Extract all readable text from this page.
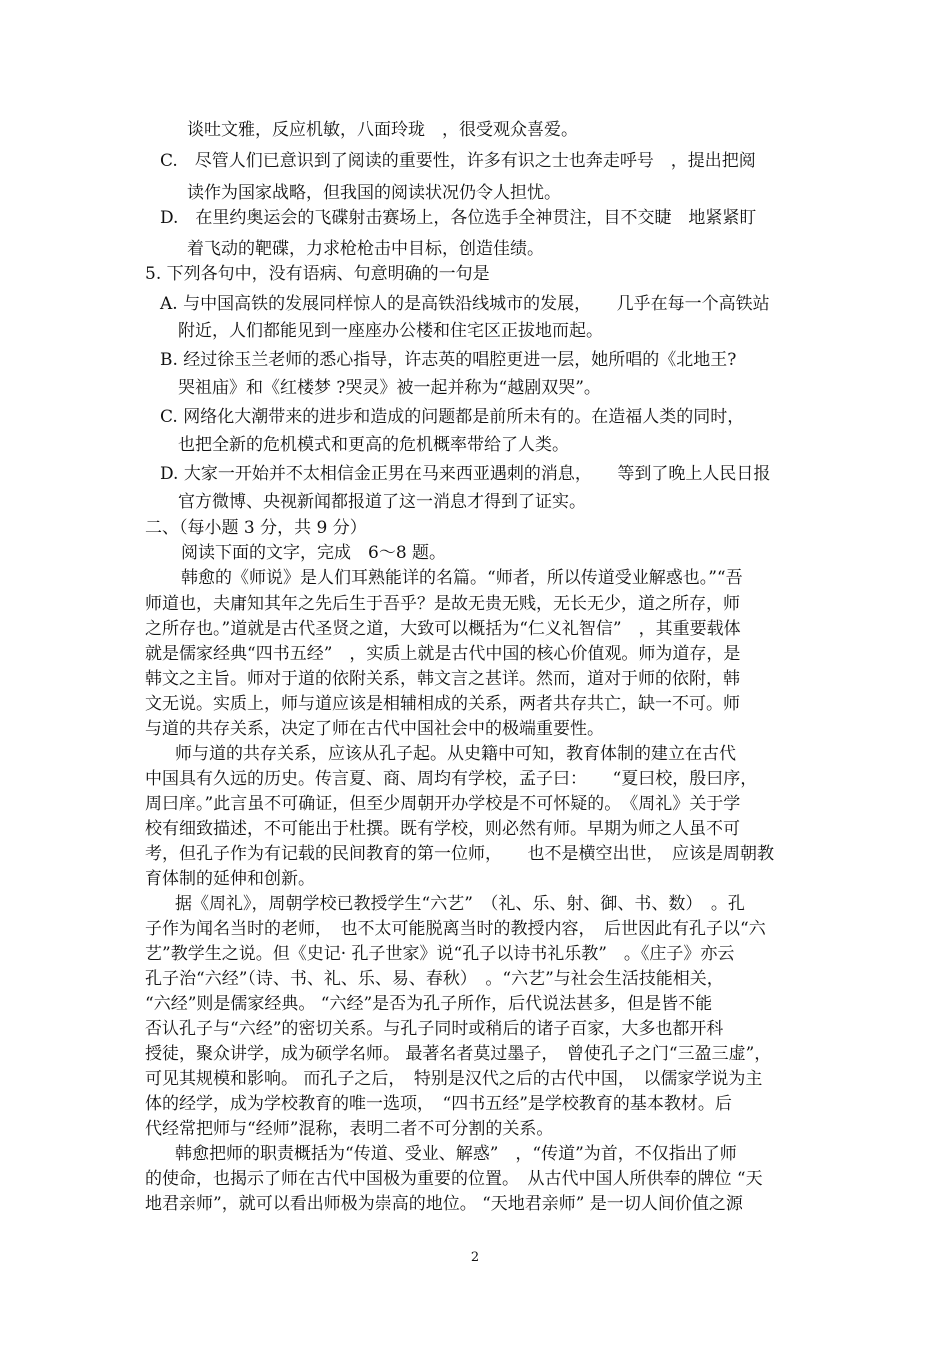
谈吐文雅，反应机敏，八面玲珑　，很受观众喜爱。
C.　尽管人们已意识到了阅读的重要性，许多有识之士也奔走呼号　，提出把阅
读作为国家战略，但我国的阅读状况仍令人担忧。
D.　在里约奥运会的飞碟射击赛场上，各位选手全神贯注，目不交睫　地紧紧盯
着飞动的靶碟，力求枪枪击中目标，创造佳绩。
5. 下列各句中，没有语病、句意明确的一句是
A. 与中国高铁的发展同样惊人的是高铁沿线城市的发展，　　几乎在每一个高铁站
附近，人们都能见到一座座办公楼和住宅区正拔地而起。
B. 经过徐玉兰老师的悉心指导，许志英的唱腔更进一层，她所唱的《北地王?
哭祖庙》和《红楼梦 ?哭灵》被一起并称为“越剧双哭”。
C. 网络化大潮带来的进步和造成的问题都是前所未有的。在造福人类的同时，
也把全新的危机模式和更高的危机概率带给了人类。
D. 大家一开始并不太相信金正男在马来西亚遇刺的消息，　　等到了晚上人民日报
官方微博、央视新闻都报道了这一消息才得到了证实。
二、（每小题 3 分，共 9 分）
阅读下面的文字，完成　6～8 题。
韩愈的《师说》是人们耳熟能详的名篇。“师者，所以传道受业解惑也。”“吾
师道也，夫庸知其年之先后生于吾乎？是故无贵无贱，无长无少，道之所存，师
之所存也。”道就是古代圣贤之道，大致可以概括为“仁义礼智信”　，其重要载体
就是儒家经典“四书五经”　，实质上就是古代中国的核心价值观。师为道存，是
韩文之主旨。师对于道的依附关系，韩文言之甚详。然而，道对于师的依附，韩
文无说。实质上，师与道应该是相辅相成的关系，两者共存共亡，缺一不可。师
与道的共存关系，决定了师在古代中国社会中的极端重要性。
师与道的共存关系，应该从孔子起。从史籍中可知，教育体制的建立在古代
中国具有久远的历史。传言夏、商、周均有学校，孟子曰：　　“夏曰校，殷曰序，
周曰庠。”此言虽不可确证，但至少周朝开办学校是不可怀疑的。　《周礼》关于学
校有细致描述，不可能出于杜撰。既有学校，则必然有师。早期为师之人虽不可
考，但孔子作为有记载的民间教育的第一位师，　　也不是横空出世，　应该是周朝教
育体制的延伸和创新。
据《周礼》，周朝学校已教授学生“六艺”　（礼、乐、射、御、书、数）　。孔
子作为闻名当时的老师，　也不太可能脱离当时的教授内容，　后世因此有孔子以“六
艺”教学生之说。但《史记· 孔子世家》说“孔子以诗书礼乐教”　。《庄子》亦云
孔子治“六经”（诗、书、礼、乐、易、春秋）　。“六艺”与社会生活技能相关，
“六经”则是儒家经典。 “六经”是否为孔子所作，后代说法甚多，但是皆不能
否认孔子与“六经”的密切关系。与孔子同时或稍后的诸子百家，大多也都开科
授徒，聚众讲学，成为硕学名师。 最著名者莫过墨子，　曾使孔子之门“三盈三虚”，
可见其规模和影响。 而孔子之后，　特别是汉代之后的古代中国，　以儒家学说为主
体的经学，成为学校教育的唯一选项，　“四书五经”是学校教育的基本教材。后
代经常把师与“经师”混称，表明二者不可分割的关系。
韩愈把师的职责概括为“传道、受业、解惑”　，“传道”为首，不仅指出了师
的使命，也揭示了师在古代中国极为重要的位置。　从古代中国人所供奉的牌位 “天
地君亲师”，就可以看出师极为崇高的地位。 “天地君亲师” 是一切人间价值之源
2
